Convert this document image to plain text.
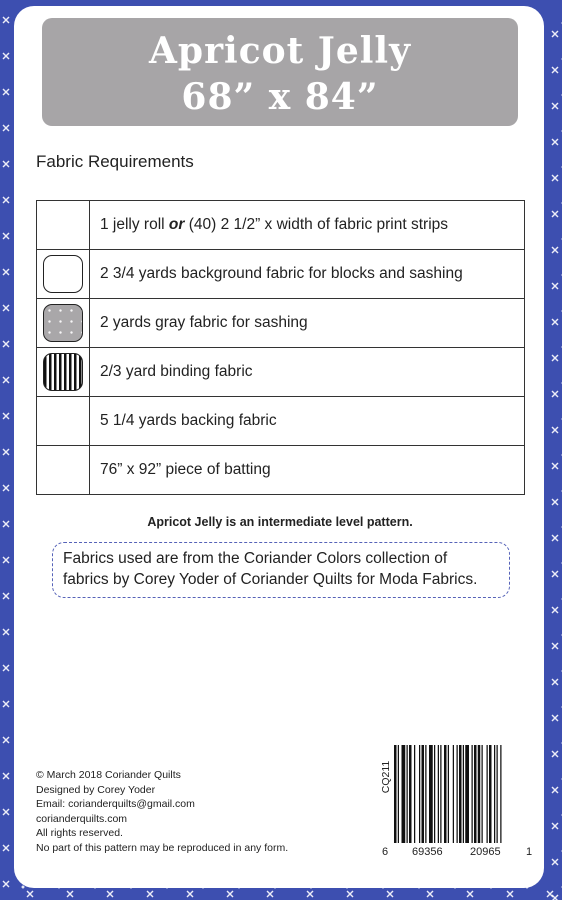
Apricot Jelly
68” x 84”
Fabric Requirements
	1 jelly roll or (40) 2 1/2” x width of fabric print strips
	2 3/4 yards background fabric for blocks and sashing
	2 yards gray fabric for sashing
	2/3 yard binding fabric
	5 1/4 yards backing fabric
	76” x 92” piece of batting
Apricot Jelly is an intermediate level pattern.
Fabrics used are from the Coriander Colors collection of
fabrics by Corey Yoder of Coriander Quilts for Moda Fabrics.
© March 2018 Coriander Quilts
Designed by Corey Yoder
Email: corianderquilts@gmail.com
corianderquilts.com
All rights reserved.
No part of this pattern may be reproduced in any form.
CQ211
6 69356 20965 1
